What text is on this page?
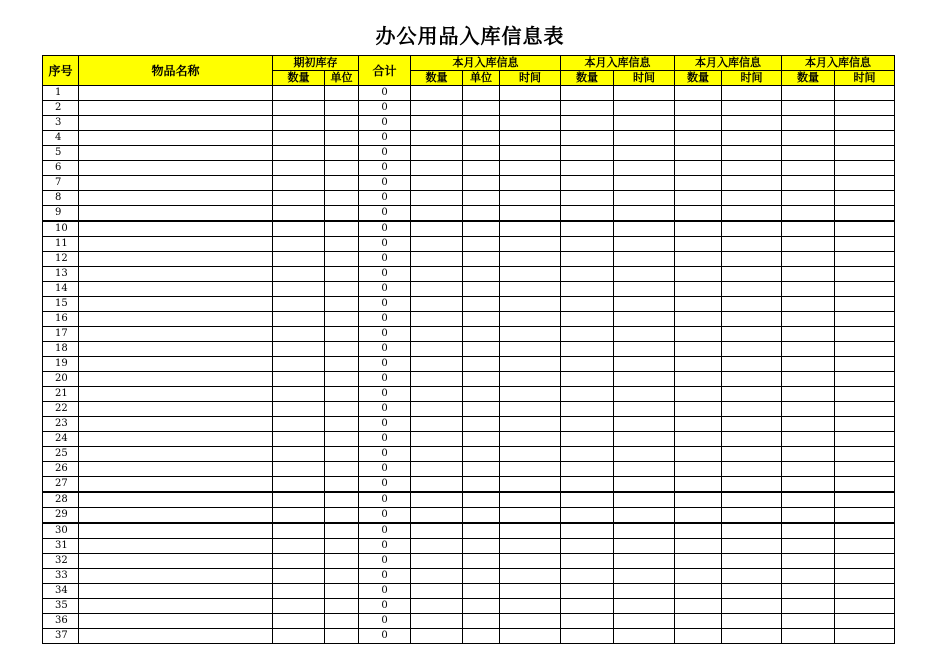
办公用品入库信息表
序号	物品名称	期初库存		合计	本月入库信息			本月入库信息		本月入库信息		本月入库信息	
		数量	单位		数量	单位	时间	数量	时间	数量	时间	数量	时间
1				0									
2				0									
3				0									
4				0									
5				0									
6				0									
7				0									
8				0									
9				0									
10				0									
11				0									
12				0									
13				0									
14				0									
15				0									
16				0									
17				0									
18				0									
19				0									
20				0									
21				0									
22				0									
23				0									
24				0									
25				0									
26				0									
27				0									
28				0									
29				0									
30				0									
31				0									
32				0									
33				0									
34				0									
35				0									
36				0									
37				0									
